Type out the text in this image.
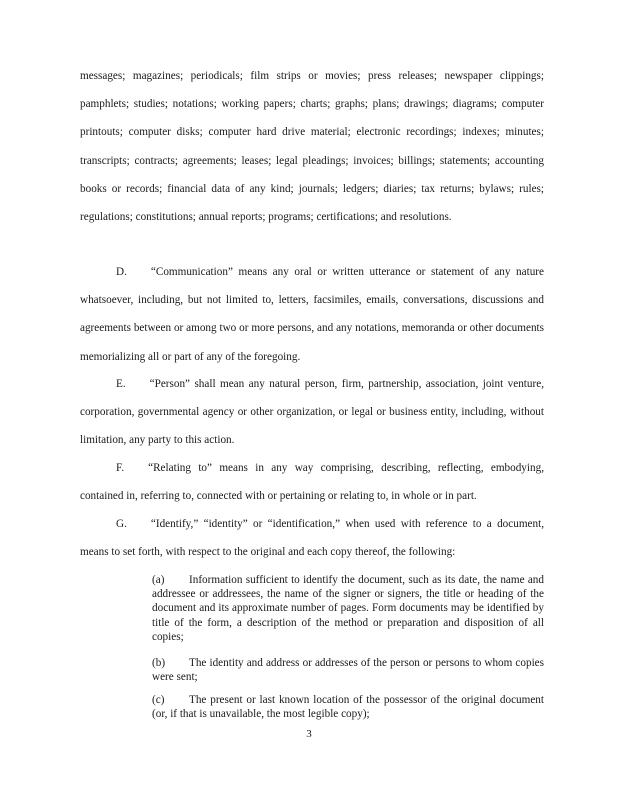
messages; magazines; periodicals; film strips or movies; press releases; newspaper clippings; pamphlets; studies; notations; working papers; charts; graphs; plans; drawings; diagrams; computer printouts; computer disks; computer hard drive material; electronic recordings; indexes; minutes; transcripts; contracts; agreements; leases; legal pleadings; invoices; billings; statements; accounting books or records; financial data of any kind; journals; ledgers; diaries; tax returns; bylaws; rules; regulations; constitutions; annual reports; programs; certifications; and resolutions.

D. “Communication” means any oral or written utterance or statement of any nature whatsoever, including, but not limited to, letters, facsimiles, emails, conversations, discussions and agreements between or among two or more persons, and any notations, memoranda or other documents memorializing all or part of any of the foregoing.

E. “Person” shall mean any natural person, firm, partnership, association, joint venture, corporation, governmental agency or other organization, or legal or business entity, including, without limitation, any party to this action.

F. “Relating to” means in any way comprising, describing, reflecting, embodying, contained in, referring to, connected with or pertaining or relating to, in whole or in part.

G. “Identify,” “identity” or “identification,” when used with reference to a document, means to set forth, with respect to the original and each copy thereof, the following:

(a) Information sufficient to identify the document, such as its date, the name and addressee or addressees, the name of the signer or signers, the title or heading of the document and its approximate number of pages. Form documents may be identified by title of the form, a description of the method or preparation and disposition of all copies;

(b) The identity and address or addresses of the person or persons to whom copies were sent;

(c) The present or last known location of the possessor of the original document (or, if that is unavailable, the most legible copy);

3
